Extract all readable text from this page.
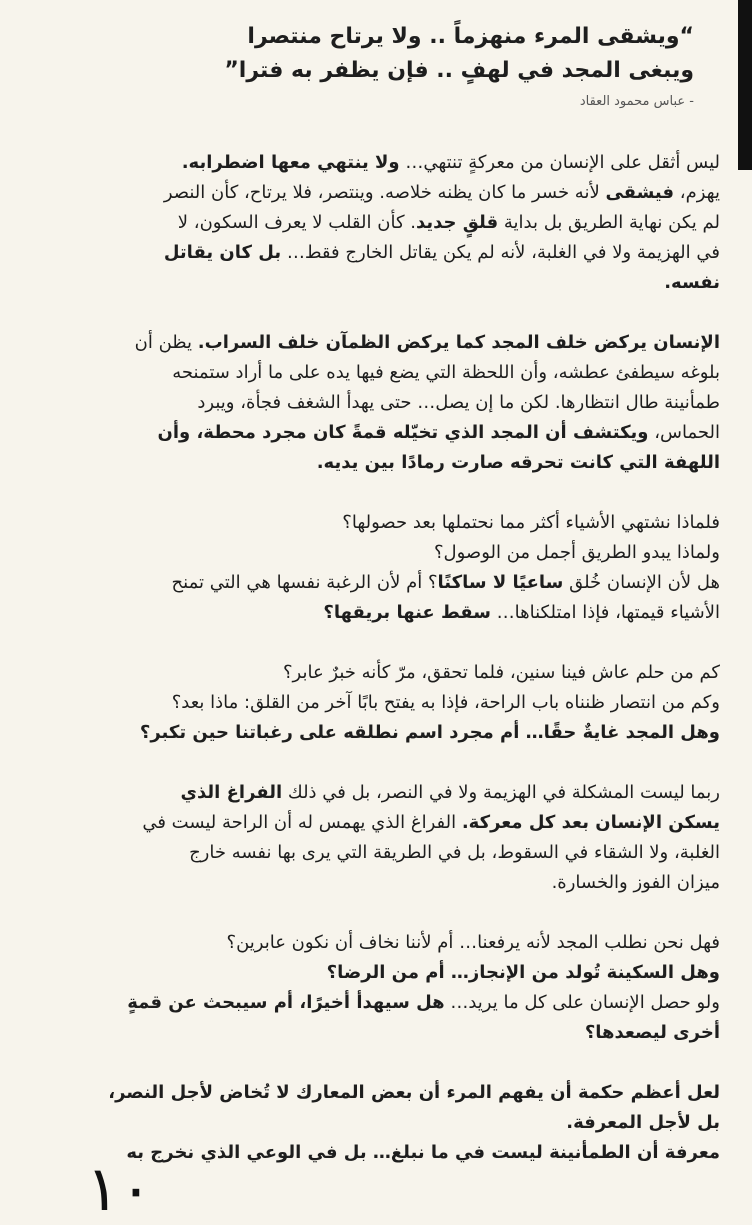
“ويشقى المرء منهزماً .. ولا يرتاح منتصرا
ويبغى المجد في لهفٍ .. فإن يظفر به فترا”
- عباس محمود العقاد
ليس أثقل على الإنسان من معركةٍ تنتهي… ولا ينتهي معها اضطرابه.
يهزم، فيشقى لأنه خسر ما كان يظنه خلاصه. وينتصر، فلا يرتاح، كأن النصر
لم يكن نهاية الطريق بل بداية قلقٍ جديد. كأن القلب لا يعرف السكون، لا
في الهزيمة ولا في الغلبة، لأنه لم يكن يقاتل الخارج فقط… بل كان يقاتل
نفسه.
الإنسان يركض خلف المجد كما يركض الظمآن خلف السراب. يظن أن
بلوغه سيطفئ عطشه، وأن اللحظة التي يضع فيها يده على ما أراد ستمنحه
طمأنينة طال انتظارها. لكن ما إن يصل… حتى يهدأ الشغف فجأة، ويبرد
الحماس، ويكتشف أن المجد الذي تخيّله قمةً كان مجرد محطة، وأن
اللهفة التي كانت تحرقه صارت رمادًا بين يديه.
فلماذا نشتهي الأشياء أكثر مما نحتملها بعد حصولها؟
ولماذا يبدو الطريق أجمل من الوصول؟
هل لأن الإنسان خُلق ساعيًا لا ساكنًا؟ أم لأن الرغبة نفسها هي التي تمنح
الأشياء قيمتها، فإذا امتلكناها… سقط عنها بريقها؟
كم من حلم عاش فينا سنين، فلما تحقق، مرّ كأنه خبرٌ عابر؟
وكم من انتصار ظنناه باب الراحة، فإذا به يفتح بابًا آخر من القلق: ماذا بعد؟
وهل المجد غايةٌ حقًا… أم مجرد اسم نطلقه على رغباتنا حين تكبر؟
ربما ليست المشكلة في الهزيمة ولا في النصر، بل في ذلك الفراغ الذي
يسكن الإنسان بعد كل معركة. الفراغ الذي يهمس له أن الراحة ليست في
الغلبة، ولا الشقاء في السقوط، بل في الطريقة التي يرى بها نفسه خارج
ميزان الفوز والخسارة.
فهل نحن نطلب المجد لأنه يرفعنا… أم لأننا نخاف أن نكون عابرين؟
وهل السكينة تُولد من الإنجاز… أم من الرضا؟
ولو حصل الإنسان على كل ما يريد… هل سيهدأ أخيرًا، أم سيبحث عن قمةٍ
أخرى ليصعدها؟
لعل أعظم حكمة أن يفهم المرء أن بعض المعارك لا تُخاض لأجل النصر،
بل لأجل المعرفة.
معرفة أن الطمأنينة ليست في ما نبلغ… بل في الوعي الذي نخرج به
١٠
